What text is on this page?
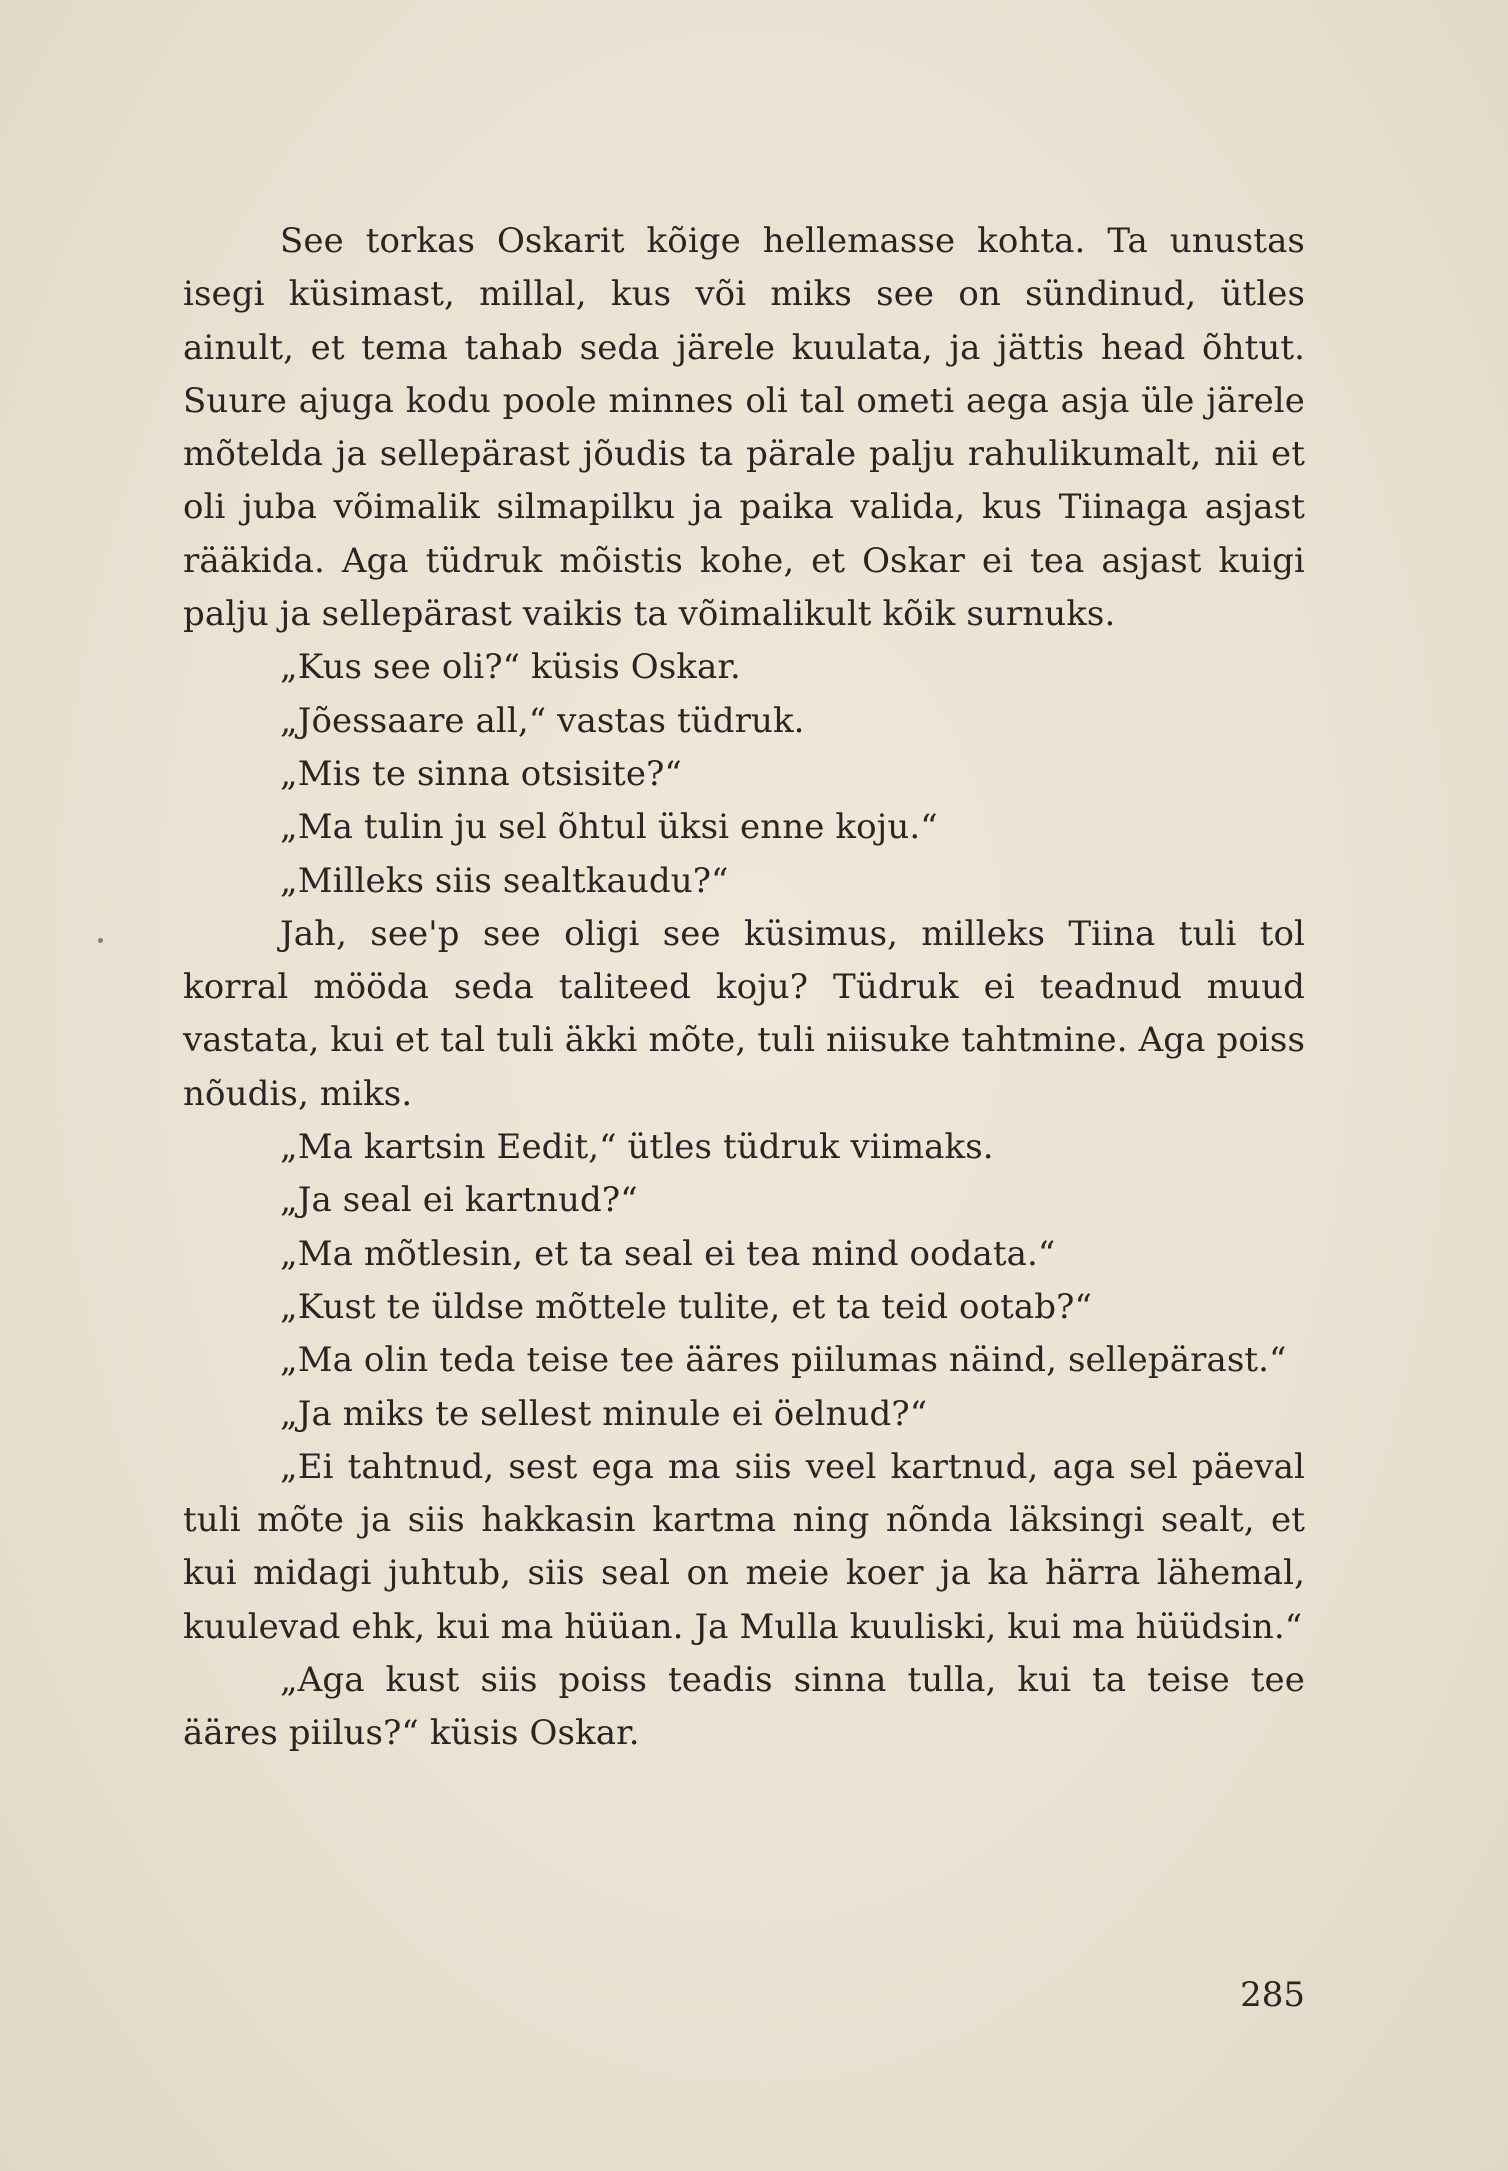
See torkas Oskarit kõige hellemasse kohta. Ta unustas isegi küsimast, millal, kus või miks see on sündinud, ütles ainult, et tema tahab seda järele kuulata, ja jättis head õhtut. Suure ajuga kodu poole minnes oli tal ometi aega asja üle järele mõtelda ja sellepärast jõudis ta pärale palju rahulikumalt, nii et oli juba võimalik silmapilku ja paika valida, kus Tiinaga asjast rääkida. Aga tüdruk mõistis kohe, et Oskar ei tea asjast kuigi palju ja sellepärast vaikis ta võimalikult kõik surnuks.

„Kus see oli?“ küsis Oskar.

„Jõessaare all,“ vastas tüdruk.

„Mis te sinna otsisite?“

„Ma tulin ju sel õhtul üksi enne koju.“

„Milleks siis sealtkaudu?“

Jah, see'p see oligi see küsimus, milleks Tiina tuli tol korral mööda seda taliteed koju? Tüdruk ei teadnud muud vastata, kui et tal tuli äkki mõte, tuli niisuke tahtmine. Aga poiss nõudis, miks.

„Ma kartsin Eedit,“ ütles tüdruk viimaks.

„Ja seal ei kartnud?“

„Ma mõtlesin, et ta seal ei tea mind oodata.“

„Kust te üldse mõttele tulite, et ta teid ootab?“

„Ma olin teda teise tee ääres piilumas näind, sellepärast.“

„Ja miks te sellest minule ei öelnud?“

„Ei tahtnud, sest ega ma siis veel kartnud, aga sel päeval tuli mõte ja siis hakkasin kartma ning nõnda läksingi sealt, et kui midagi juhtub, siis seal on meie koer ja ka härra lähemal, kuulevad ehk, kui ma hüüan. Ja Mulla kuuliski, kui ma hüüdsin.“

„Aga kust siis poiss teadis sinna tulla, kui ta teise tee ääres piilus?“ küsis Oskar.

285
